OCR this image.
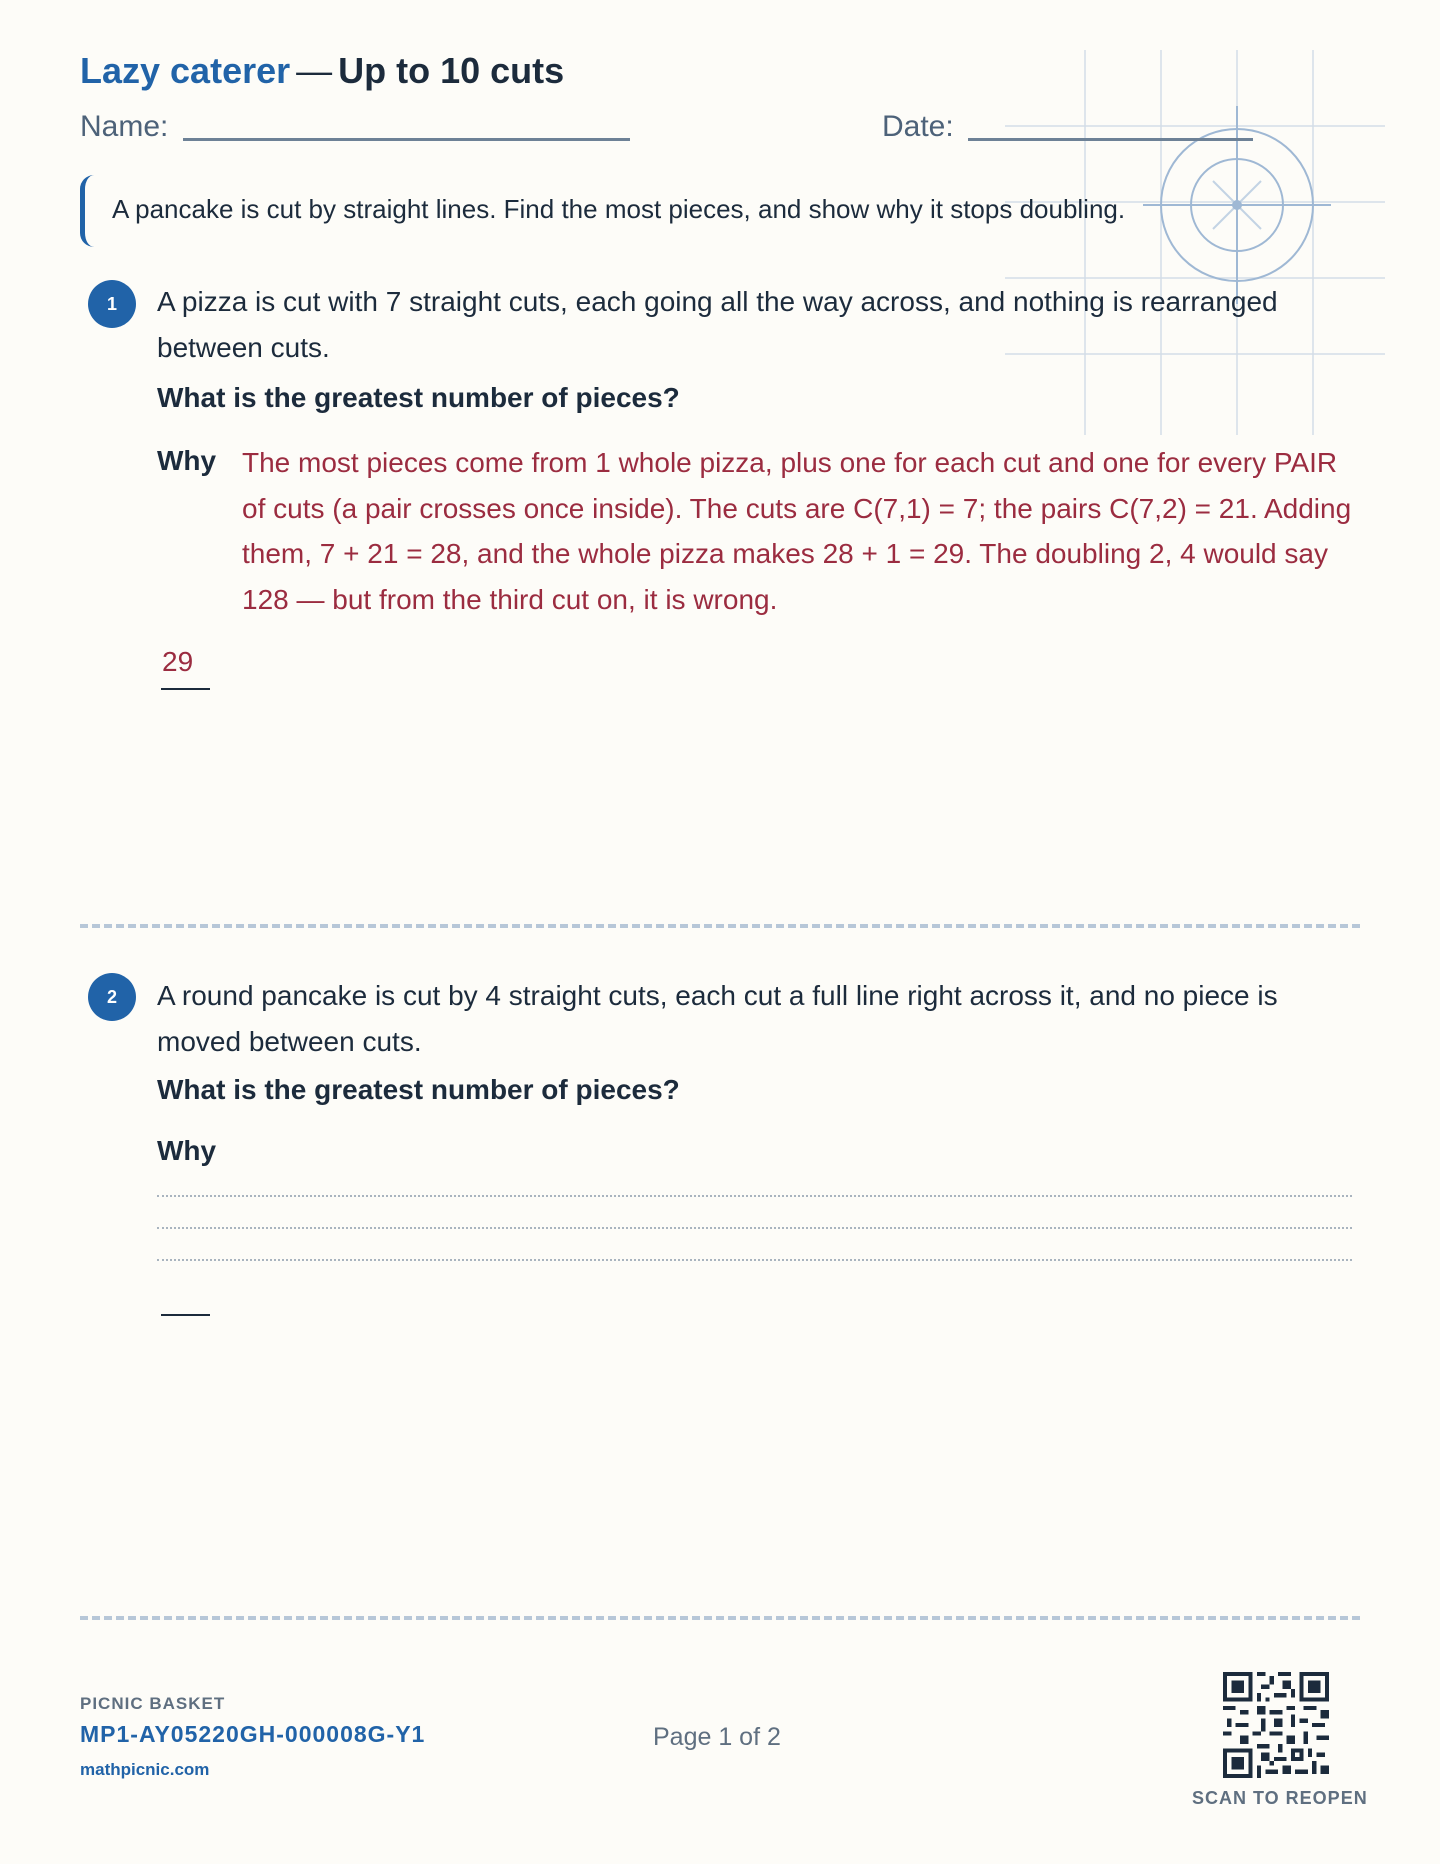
Lazy caterer — Up to 10 cuts
Name:	Date:
A pancake is cut by straight lines. Find the most pieces, and show why it stops doubling.
1	A pizza is cut with 7 straight cuts, each going all the way across, and nothing is rearranged between cuts.
What is the greatest number of pieces?
Why The most pieces come from 1 whole pizza, plus one for each cut and one for every PAIR of cuts (a pair crosses once inside). The cuts are C(7,1) = 7; the pairs C(7,2) = 21. Adding them, 7 + 21 = 28, and the whole pizza makes 28 + 1 = 29. The doubling 2, 4 would say 128 — but from the third cut on, it is wrong.
29
2	A round pancake is cut by 4 straight cuts, each cut a full line right across it, and no piece is moved between cuts.
What is the greatest number of pieces?
Why
PICNIC BASKET
MP1-AY05220GH-000008G-Y1
mathpicnic.com
Page 1 of 2
SCAN TO REOPEN
